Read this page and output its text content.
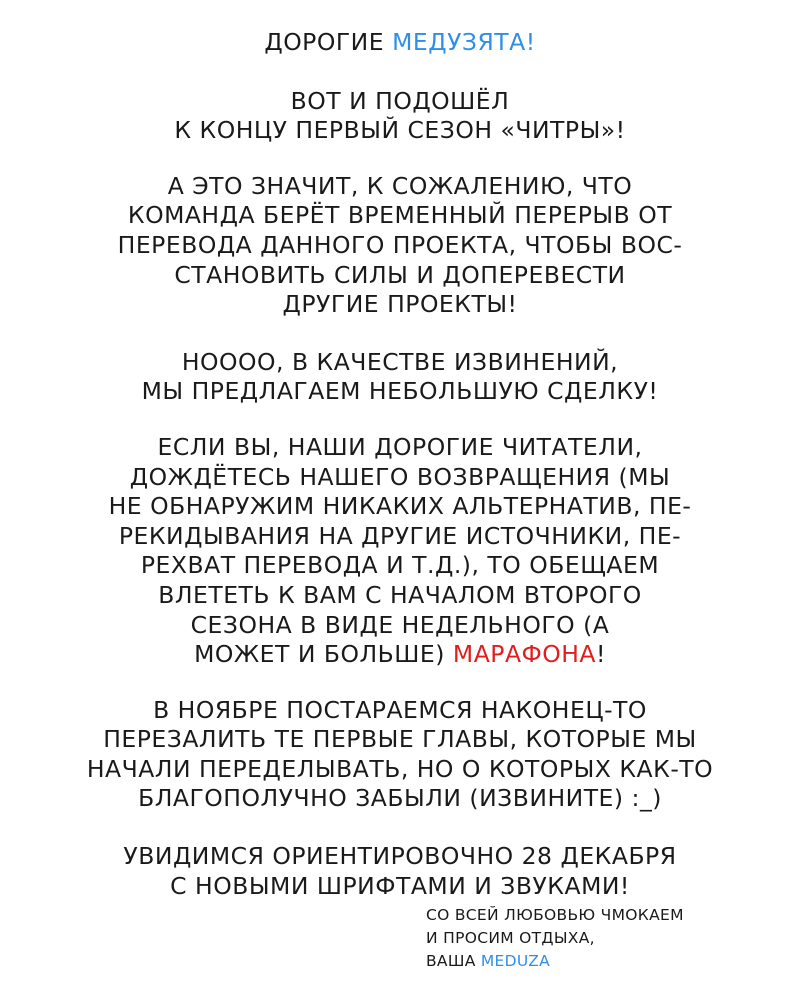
ДОРОГИЕ МЕДУЗЯТА!

ВОТ И ПОДОШЁЛ
К КОНЦУ ПЕРВЫЙ СЕЗОН «ЧИТРЫ»!

А ЭТО ЗНАЧИТ, К СОЖАЛЕНИЮ, ЧТО
КОМАНДА БЕРЁТ ВРЕМЕННЫЙ ПЕРЕРЫВ ОТ
ПЕРЕВОДА ДАННОГО ПРОЕКТА, ЧТОБЫ ВОС-
СТАНОВИТЬ СИЛЫ И ДОПЕРЕВЕСТИ
ДРУГИЕ ПРОЕКТЫ!

НОООО, В КАЧЕСТВЕ ИЗВИНЕНИЙ,
МЫ ПРЕДЛАГАЕМ НЕБОЛЬШУЮ СДЕЛКУ!

ЕСЛИ ВЫ, НАШИ ДОРОГИЕ ЧИТАТЕЛИ,
ДОЖДЁТЕСЬ НАШЕГО ВОЗВРАЩЕНИЯ (МЫ
НЕ ОБНАРУЖИМ НИКАКИХ АЛЬТЕРНАТИВ, ПЕ-
РЕКИДЫВАНИЯ НА ДРУГИЕ ИСТОЧНИКИ, ПЕ-
РЕХВАТ ПЕРЕВОДА И Т.Д.), ТО ОБЕЩАЕМ
ВЛЕТЕТЬ К ВАМ С НАЧАЛОМ ВТОРОГО
СЕЗОНА В ВИДЕ НЕДЕЛЬНОГО (А
МОЖЕТ И БОЛЬШЕ) МАРАФОНА!

В НОЯБРЕ ПОСТАРАЕМСЯ НАКОНЕЦ-ТО
ПЕРЕЗАЛИТЬ ТЕ ПЕРВЫЕ ГЛАВЫ, КОТОРЫЕ МЫ
НАЧАЛИ ПЕРЕДЕЛЫВАТЬ, НО О КОТОРЫХ КАК-ТО
БЛАГОПОЛУЧНО ЗАБЫЛИ (ИЗВИНИТЕ) :_)

УВИДИМСЯ ОРИЕНТИРОВОЧНО 28 ДЕКАБРЯ
С НОВЫМИ ШРИФТАМИ И ЗВУКАМИ!

СО ВСЕЙ ЛЮБОВЬЮ ЧМОКАЕМ
И ПРОСИМ ОТДЫХА,
ВАША MEDUZA
